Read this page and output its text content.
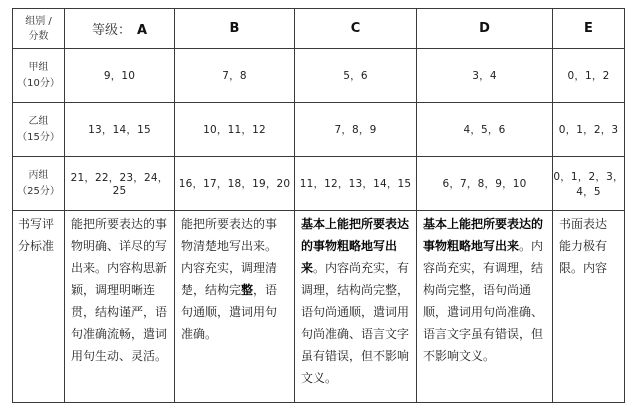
组别 /
分数	等级： A	B	C	D	E

甲组
（10分）	9，10	7，8	5，6	3，4	0，1，2

乙组
（15分）	13，14，15	10，11，12	7，8，9	4，5，6	0，1，2，3

丙组
（25分）	21，22，23，24，25	16，17，18，19，20	11，12，13，14，15	6，7，8，9，10	0，1，2，3，4，5
书写评分标准	能把所要表达的事物明确、详尽的写出来。内容构思新颖，调理明晰连贯，结构谨严，语句准确流畅，遣词用句生动、灵活。	能把所要表达的事物清楚地写出来。内容充实，调理清楚，结构完整，语句通顺，遣词用句准确。	基本上能把所要表达的事物粗略地写出来。内容尚充实，有调理，结构尚完整，语句尚通顺，遣词用句尚准确、语言文字虽有错误，但不影响文义。	基本上能把所要表达的事物粗略地写出来。内容尚充实，有调理，结构尚完整，语句尚通顺，遣词用句尚准确、语言文字虽有错误，但不影响文义。	书面表达能力极有限。内容
